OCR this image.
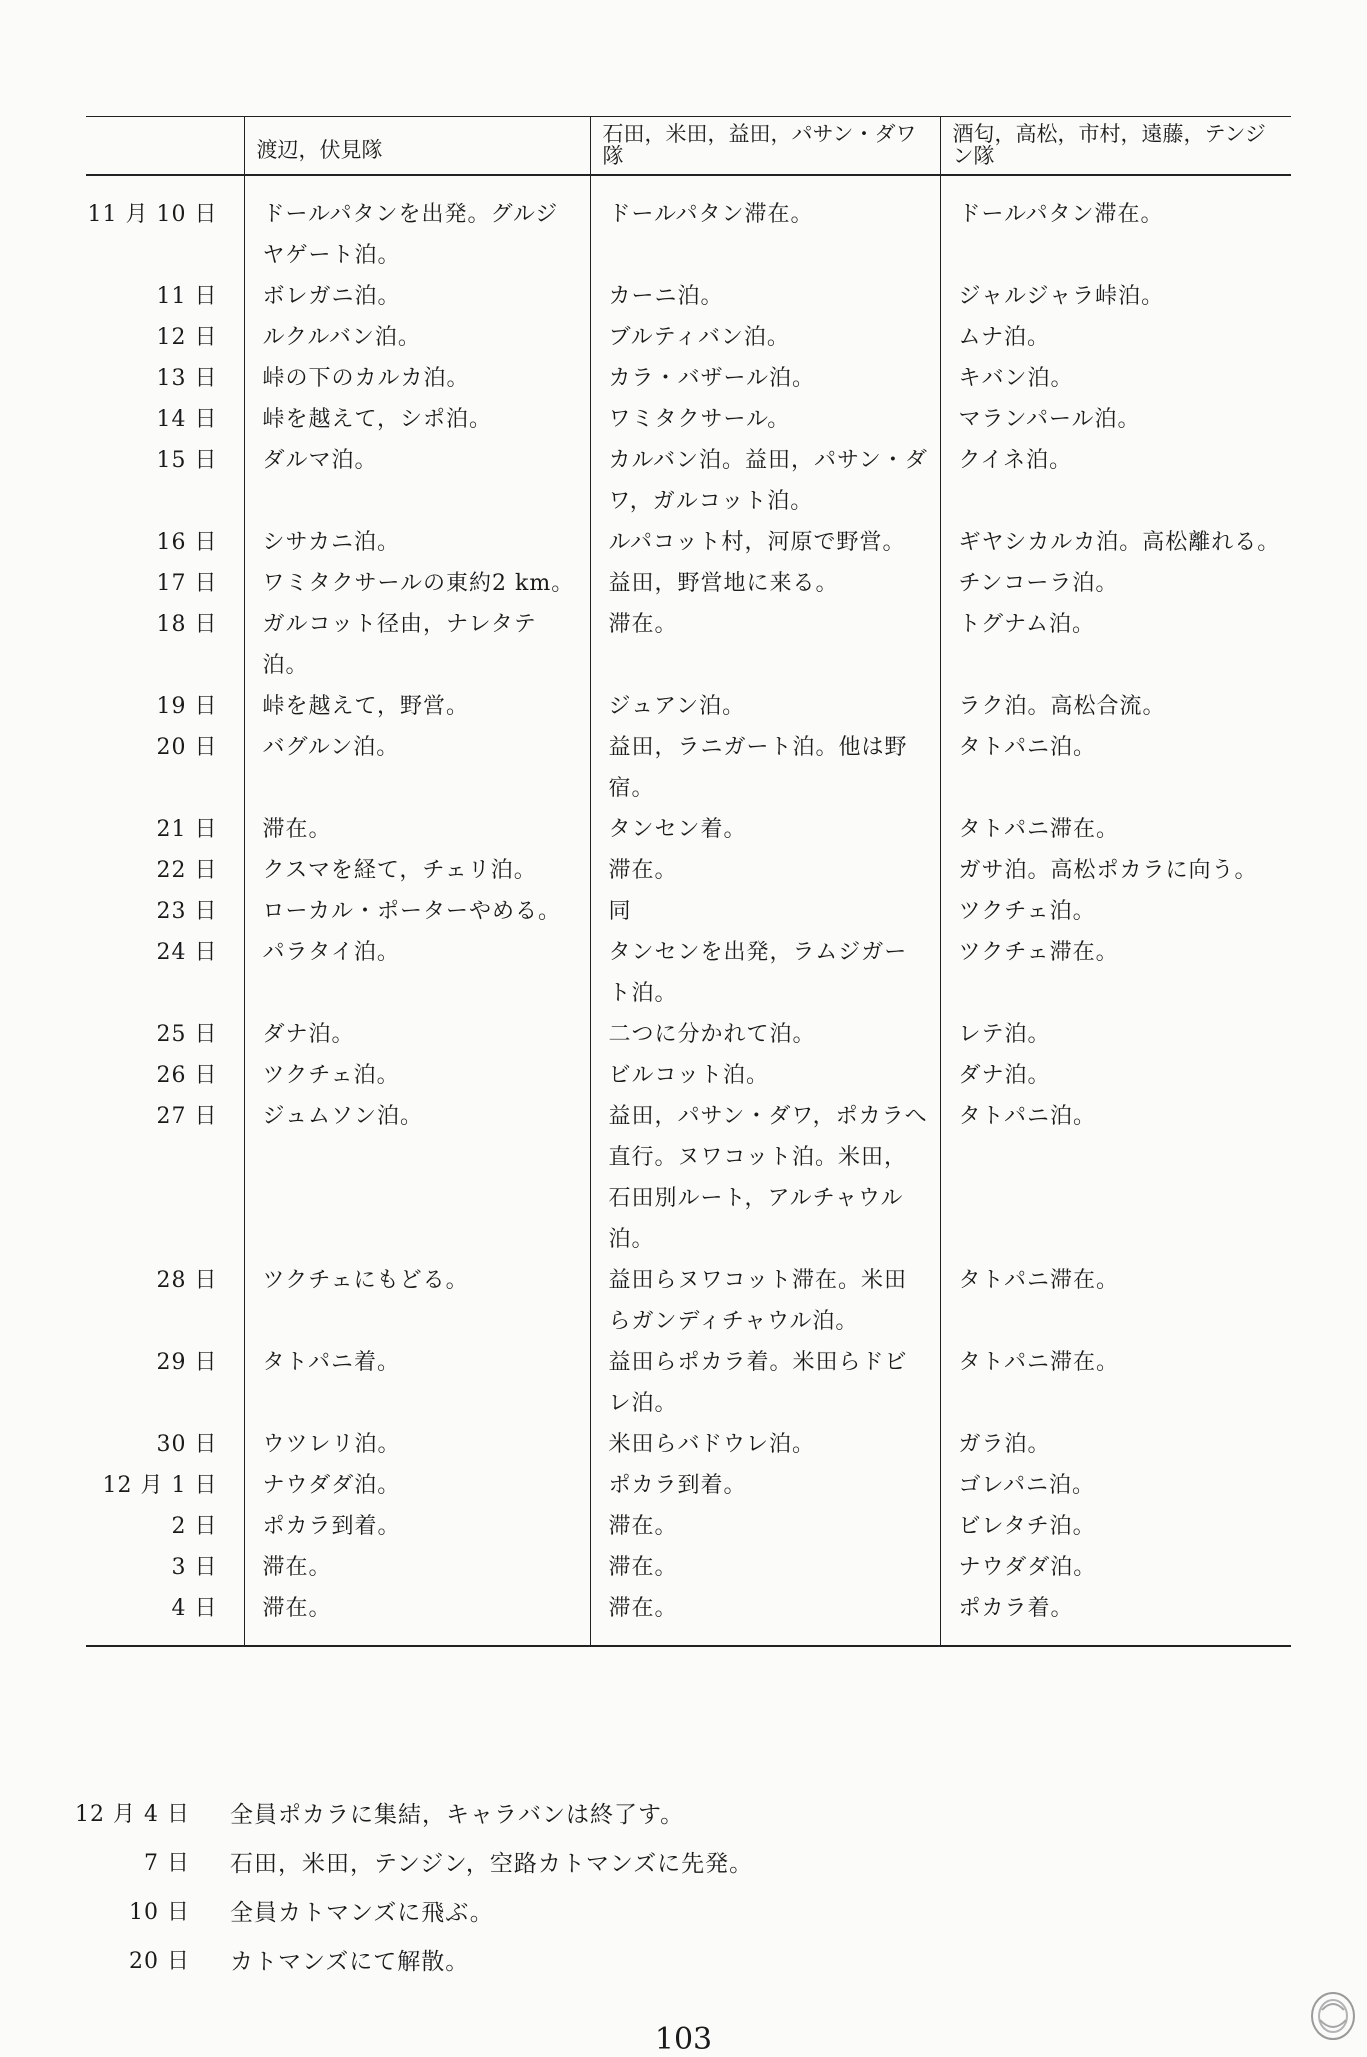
	渡辺，伏見隊	石田，米田，益田，パサン・ダワ隊	酒匂，高松，市村，遠藤，テンジン隊
11 月 10 日	ドールパタンを出発。グルジヤゲート泊。	ドールパタン滞在。	ドールパタン滞在。
11 日	ボレガニ泊。	カーニ泊。	ジャルジャラ峠泊。
12 日	ルクルバン泊。	ブルティバン泊。	ムナ泊。
13 日	峠の下のカルカ泊。	カラ・バザール泊。	キバン泊。
14 日	峠を越えて，シポ泊。	ワミタクサール。	マランパール泊。
15 日	ダルマ泊。	カルバン泊。益田，パサン・ダワ，ガルコット泊。	クイネ泊。
16 日	シサカニ泊。	ルパコット村，河原で野営。	ギヤシカルカ泊。高松離れる。
17 日	ワミタクサールの東約2 km。	益田，野営地に来る。	チンコーラ泊。
18 日	ガルコット径由，ナレタテ泊。	滞在。	トグナム泊。
19 日	峠を越えて，野営。	ジュアン泊。	ラク泊。高松合流。
20 日	バグルン泊。	益田，ラニガート泊。他は野宿。	タトパニ泊。
21 日	滞在。	タンセン着。	タトパニ滞在。
22 日	クスマを経て，チェリ泊。	滞在。	ガサ泊。高松ポカラに向う。
23 日	ローカル・ポーターやめる。	同	ツクチェ泊。
24 日	パラタイ泊。	タンセンを出発，ラムジガート泊。	ツクチェ滞在。
25 日	ダナ泊。	二つに分かれて泊。	レテ泊。
26 日	ツクチェ泊。	ビルコット泊。	ダナ泊。
27 日	ジュムソン泊。	益田，パサン・ダワ，ポカラへ直行。ヌワコット泊。米田，石田別ルート，アルチャウル泊。	タトパニ泊。
28 日	ツクチェにもどる。	益田らヌワコット滞在。米田らガンディチャウル泊。	タトパニ滞在。
29 日	タトパニ着。	益田らポカラ着。米田らドビレ泊。	タトパニ滞在。
30 日	ウツレリ泊。	米田らバドウレ泊。	ガラ泊。
12 月 1 日	ナウダダ泊。	ポカラ到着。	ゴレパニ泊。
2 日	ポカラ到着。	滞在。	ビレタチ泊。
3 日	滞在。	滞在。	ナウダダ泊。
4 日	滞在。	滞在。	ポカラ着。
12 月 4 日	全員ポカラに集結，キャラバンは終了す。
7 日	石田，米田，テンジン，空路カトマンズに先発。
10 日	全員カトマンズに飛ぶ。
20 日	カトマンズにて解散。
103
